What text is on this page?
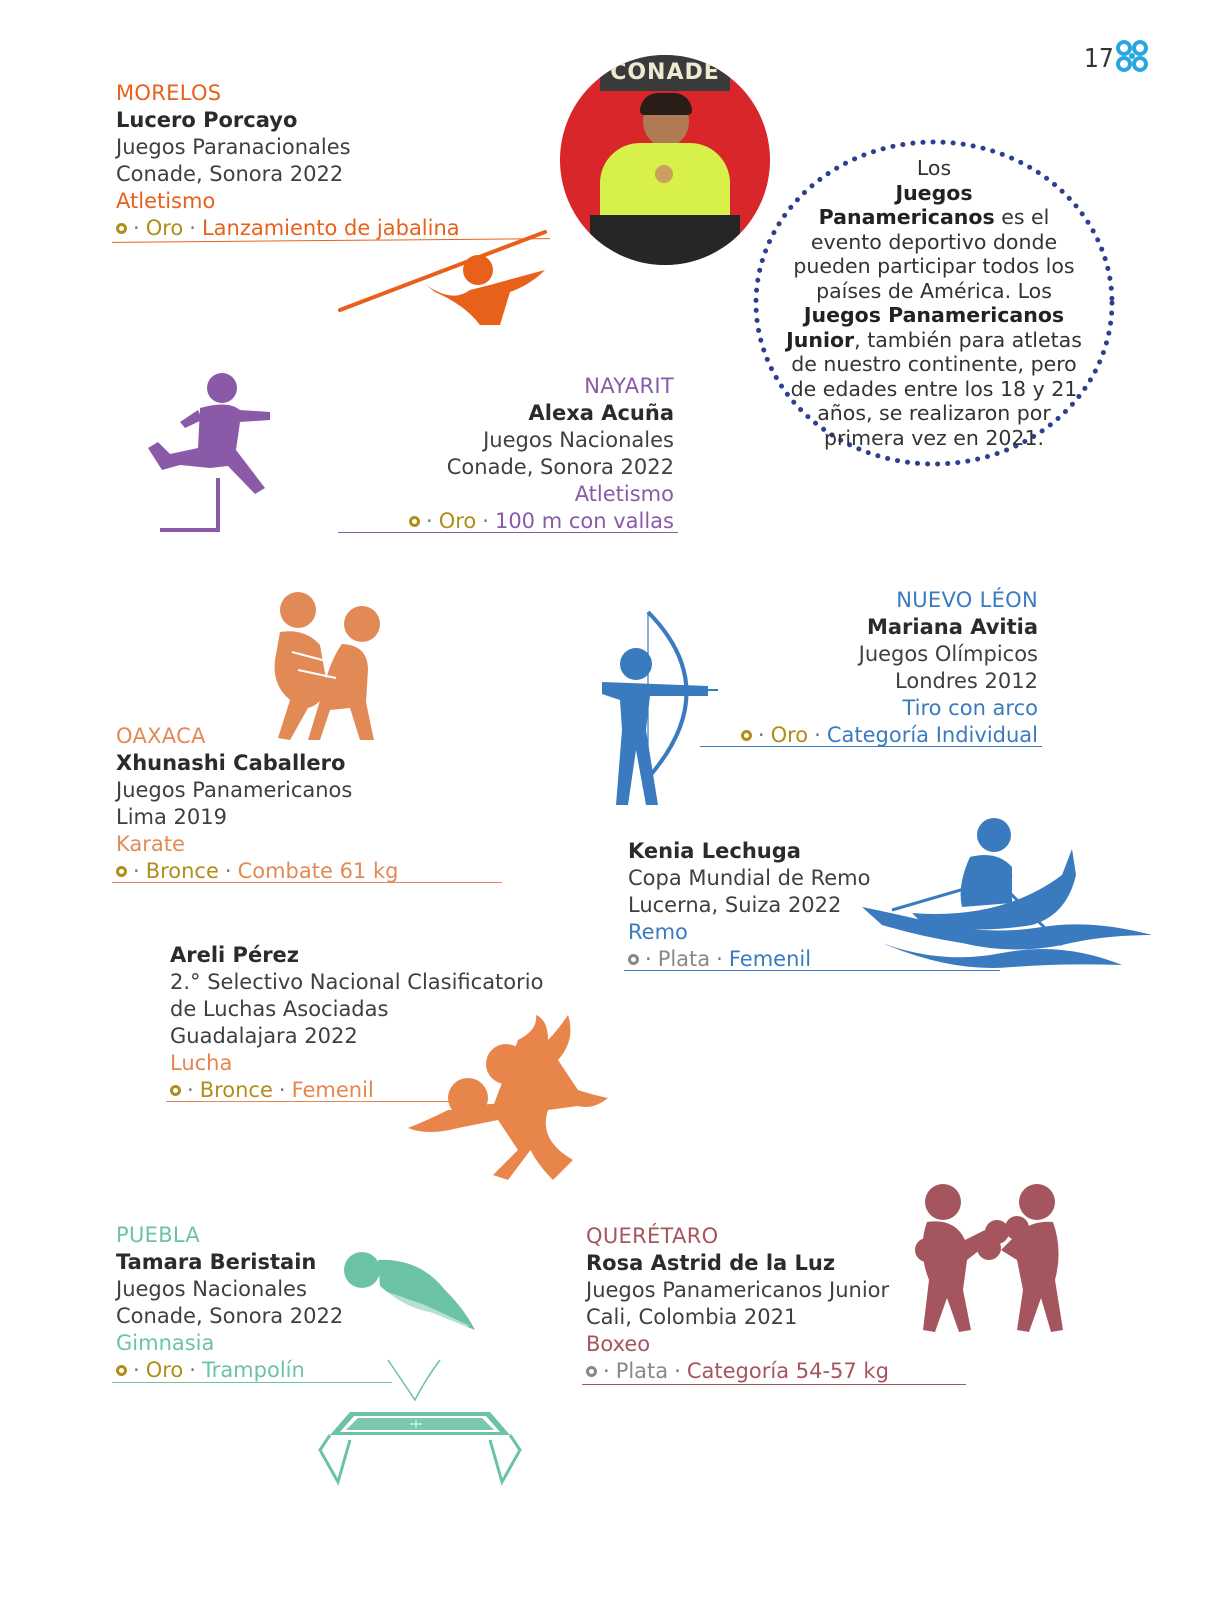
17
MORELOS
Lucero Porcayo
Juegos Paranacionales
Conade, Sonora 2022
Atletismo
· Oro · Lanzamiento de jabalina
CONADE
Los
Juegos
Panamericanos es el evento deportivo donde pueden participar todos los países de América. Los Juegos Panamericanos Junior, también para atletas de nuestro continente, pero de edades entre los 18 y 21 años, se realizaron por primera vez en 2021.
NAYARIT
Alexa Acuña
Juegos Nacionales
Conade, Sonora 2022
Atletismo
· Oro · 100 m con vallas
NUEVO LÉON
Mariana Avitia
Juegos Olímpicos
Londres 2012
Tiro con arco
· Oro · Categoría Individual
OAXACA
Xhunashi Caballero
Juegos Panamericanos
Lima 2019
Karate
· Bronce · Combate 61 kg
Kenia Lechuga
Copa Mundial de Remo
Lucerna, Suiza 2022
Remo
· Plata · Femenil
Areli Pérez
2.° Selectivo Nacional Clasificatorio
de Luchas Asociadas
Guadalajara 2022
Lucha
· Bronce · Femenil
PUEBLA
Tamara Beristain
Juegos Nacionales
Conade, Sonora 2022
Gimnasia
· Oro · Trampolín
QUERÉTARO
Rosa Astrid de la Luz
Juegos Panamericanos Junior
Cali, Colombia 2021
Boxeo
· Plata · Categoría 54-57 kg
